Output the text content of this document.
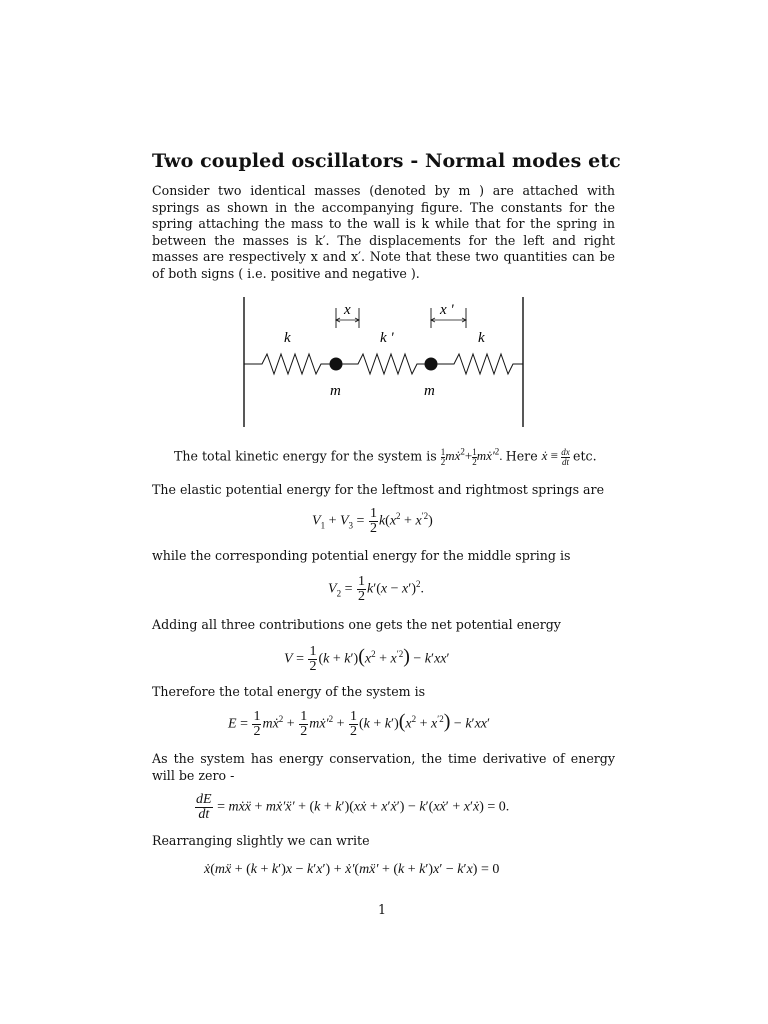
Two coupled oscillators - Normal modes etc
Consider two identical masses (denoted by m ) are attached with springs as shown in the accompanying figure. The constants for the spring attaching the mass to the wall is k while that for the spring in between the masses is k′. The displacements for the left and right masses are respectively x and x′. Note that these two quantities can be of both signs ( i.e. positive and negative ).
x	x '
k	k '	k
m	m
The total kinetic energy for the system is $\frac{1}{2}$ mẋ$^2$+ $\frac{1}{2}$ $mẋ'^2$. Here ẋ ≡ $\frac{dx}{dt}$ etc.
The elastic potential energy for the leftmost and rightmost springs are
$V_1 + V_3 = \frac{1}{2} k(x^2 + x^{'2})$
while the corresponding potential energy for the middle spring is
$V_2 = \frac{1}{2} k'(x - x')^2$.
Adding all three contributions one gets the net potential energy
$V = \frac{1}{2} (k + k')(x^2 + x^{'2}) - k'xx'$
Therefore the total energy of the system is
$E = \frac{1}{2}$ mẋ$^2$ + $\frac{1}{2}$ $mẋ'^2 + \frac{1}{2} (k + k')(x^2 + x^{'2}) - k'xx'$
As the system has energy conservation, the time derivative of energy will be zero -
$\frac{dE}{dt}$ = mẋẍ + mẋ′ẍ′ + (k + k′)(xẋ + x′ẋ′) − k′(xẋ′ + x′ẋ) = 0.
Rearranging slightly we can write
ẋ(mẍ + (k + k′)x − k′x′) + ẋ′(mẍ′ + (k + k′)x′ − k′x) = 0
1
